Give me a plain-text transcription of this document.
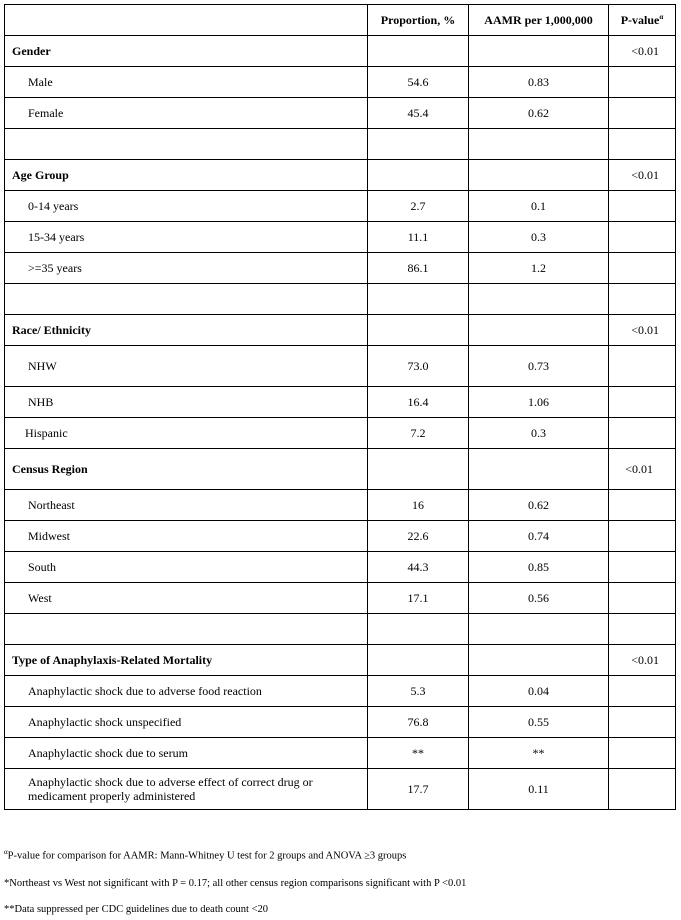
	Proportion, %	AAMR per 1,000,000	P-value$^\alpha$
Gender			<0.01
Male	54.6	0.83	
Female	45.4	0.62	

Age Group			<0.01
0-14 years	2.7	0.1	
15-34 years	11.1	0.3	
>=35 years	86.1	1.2	

Race/ Ethnicity			<0.01
NHW	73.0	0.73	
NHB	16.4	1.06	
Hispanic	7.2	0.3	
Census Region			<0.01
Northeast	16	0.62	
Midwest	22.6	0.74	
South	44.3	0.85	
West	17.1	0.56	

Type of Anaphylaxis-Related Mortality			<0.01
Anaphylactic shock due to adverse food reaction	5.3	0.04	
Anaphylactic shock unspecified	76.8	0.55	
Anaphylactic shock due to serum	**	**	

Anaphylactic shock due to adverse effect of correct drug or
medicament properly administered	17.7	0.11	
$^\alpha$P-value for comparison for AAMR: Mann-Whitney U test for 2 groups and ANOVA ≥3 groups
*Northeast vs West not significant with P = 0.17; all other census region comparisons significant with P <0.01
**Data suppressed per CDC guidelines due to death count <20
